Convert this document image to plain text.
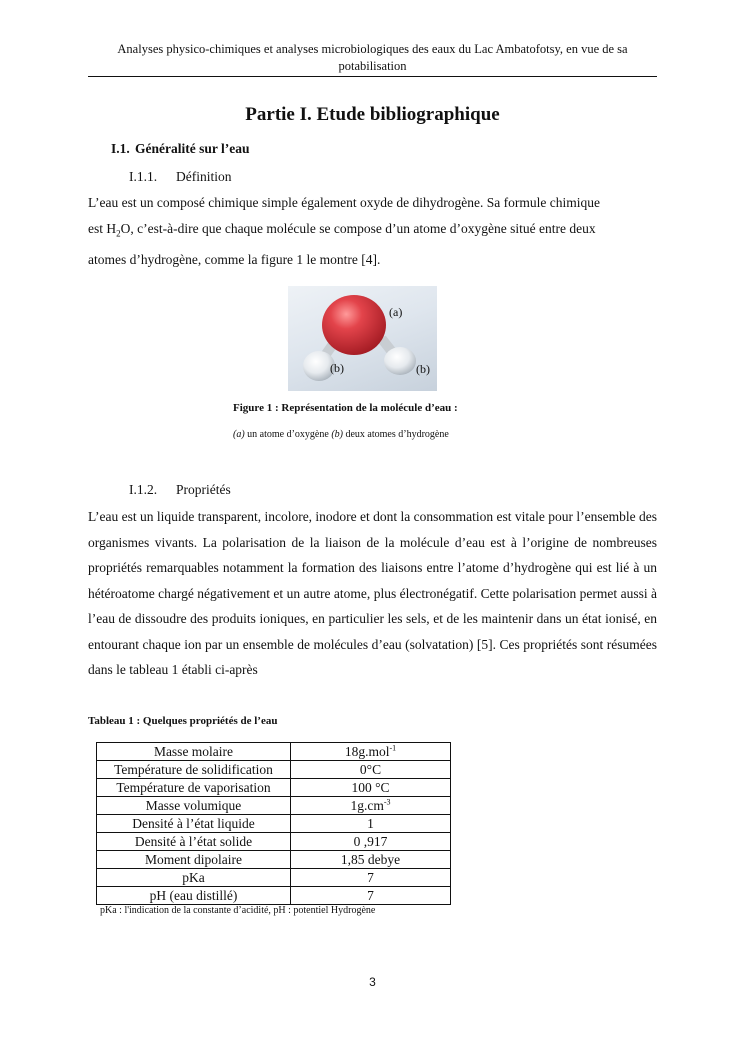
Analyses physico-chimiques et analyses microbiologiques des eaux du Lac Ambatofotsy, en vue de sa potabilisation
Partie I. Etude bibliographique
I.1. Généralité sur l’eau
I.1.1. Définition

L’eau est un composé chimique simple également oxyde de dihydrogène. Sa formule chimique

est $H_2O$, c’est-à-dire que chaque molécule se compose d’un atome d’oxygène situé entre deux

atomes d’hydrogène, comme la figure 1 le montre [4].

(a)
(b)	(b)
Figure 1 : Représentation de la molécule d’eau :
(a) un atome d’oxygène (b) deux atomes d’hydrogène
I.1.2. Propriétés

L’eau est un liquide transparent, incolore, inodore et dont la consommation est vitale pour l’ensemble des organismes vivants. La polarisation de la liaison de la molécule d’eau est à l’origine de nombreuses propriétés remarquables notamment la formation des liaisons entre l’atome d’hydrogène qui est lié à un hétéroatome chargé négativement et un autre atome, plus électronégatif. Cette polarisation permet aussi à l’eau de dissoudre des produits ioniques, en particulier les sels, et de les maintenir dans un état ionisé, en entourant chaque ion par un ensemble de molécules d’eau (solvatation) [5]. Ces propriétés sont résumées dans le tableau 1 établi ci-après

Tableau 1 : Quelques propriétés de l’eau
Masse molaire	18g.mol$^{-1}$
Température de solidification	0°C
Température de vaporisation	100 °C
Masse volumique	$1g.cm^{-3}$
Densité à l’état liquide	1
Densité à l’état solide	0 ,917
Moment dipolaire	1,85 debye
pKa	7
pH (eau distillé)	7
pKa : l'indication de la constante d’acidité, pH : potentiel Hydrogène
3
